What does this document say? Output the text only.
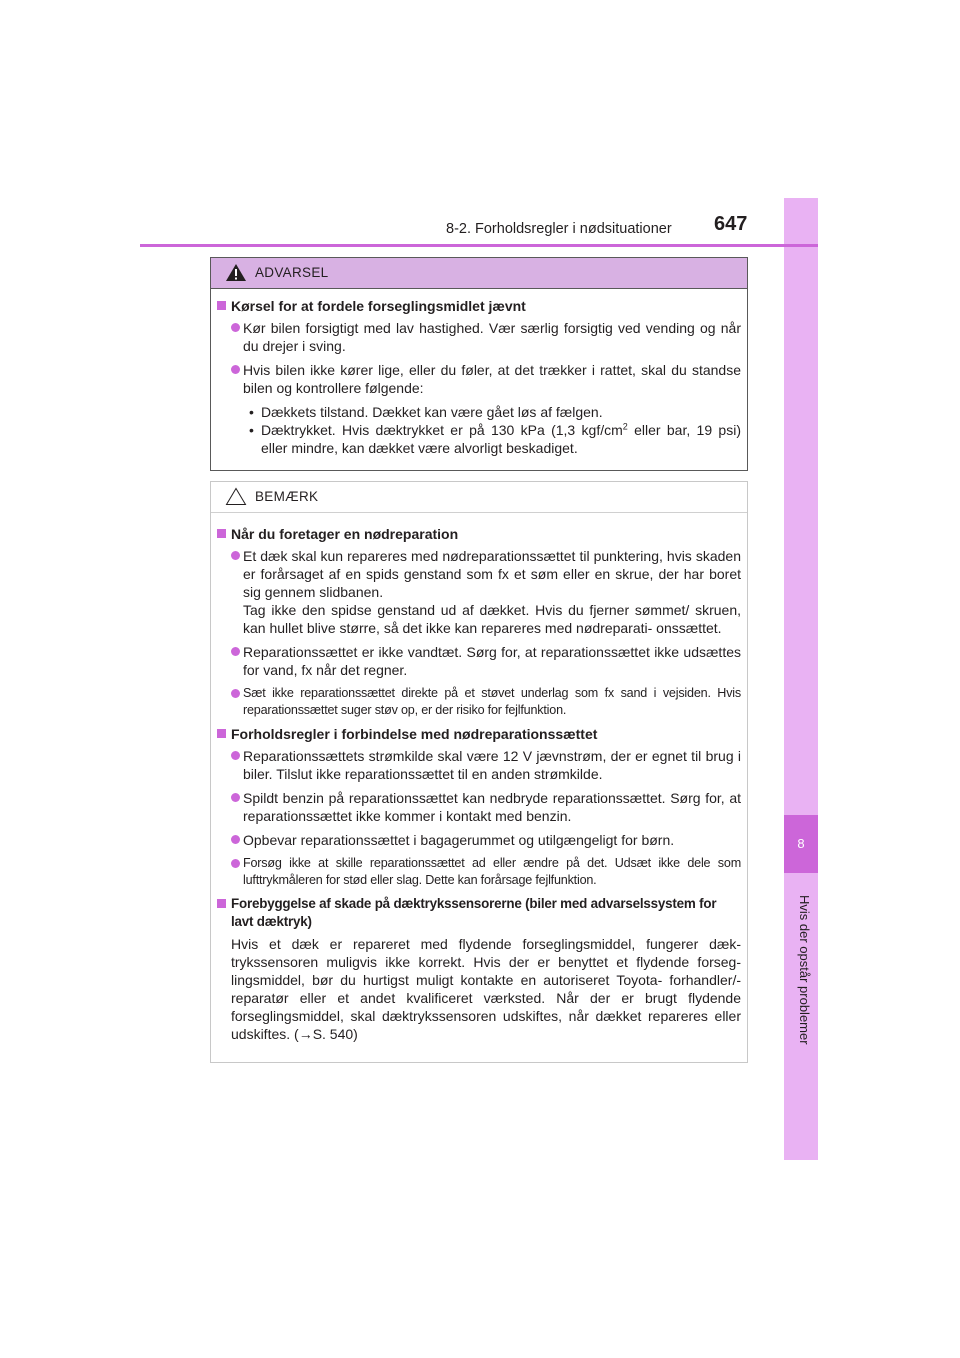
8
Hvis der opstår problemer
8-2. Forholdsregler i nødsituationer 647
ADVARSEL
Kørsel for at fordele forseglingsmidlet jævnt
Kør bilen forsigtigt med lav hastighed. Vær særlig forsigtig ved vending og når du drejer i sving.
Hvis bilen ikke kører lige, eller du føler, at det trækker i rattet, skal du standse bilen og kontrollere følgende:
• Dækkets tilstand. Dækket kan være gået løs af fælgen.
• Dæktrykket. Hvis dæktrykket er på 130 kPa (1,3 kgf/$cm^2$ eller bar, 19 psi) eller mindre, kan dækket være alvorligt beskadiget.
BEMÆRK
Når du foretager en nødreparation
Et dæk skal kun repareres med nødreparationssættet til punktering, hvis skaden er forårsaget af en spids genstand som fx et søm eller en skrue, der har boret sig gennem slidbanen.
Tag ikke den spidse genstand ud af dækket. Hvis du fjerner sømmet/ skruen, kan hullet blive større, så det ikke kan repareres med nødreparati- onssættet.
Reparationssættet er ikke vandtæt. Sørg for, at reparationssættet ikke udsættes for vand, fx når det regner.
Sæt ikke reparationssættet direkte på et støvet underlag som fx sand i vejsiden. Hvis reparationssættet suger støv op, er der risiko for fejlfunktion.
Forholdsregler i forbindelse med nødreparationssættet
Reparationssættets strømkilde skal være 12 V jævnstrøm, der er egnet til brug i biler. Tilslut ikke reparationssættet til en anden strømkilde.
Spildt benzin på reparationssættet kan nedbryde reparationssættet. Sørg for, at reparationssættet ikke kommer i kontakt med benzin.
Opbevar reparationssættet i bagagerummet og utilgængeligt for børn.
Forsøg ikke at skille reparationssættet ad eller ændre på det. Udsæt ikke dele som lufttrykmåleren for stød eller slag. Dette kan forårsage fejlfunktion.
Forebyggelse af skade på dæktrykssensorerne (biler med advarselssystem for lavt dæktryk)
Hvis et dæk er repareret med flydende forseglingsmiddel, fungerer dæk- trykssensoren muligvis ikke korrekt. Hvis der er benyttet et flydende forseg- lingsmiddel, bør du hurtigst muligt kontakte en autoriseret Toyota- forhandler/-reparatør eller et andet kvalificeret værksted. Når der er brugt flydende forseglingsmiddel, skal dæktrykssensoren udskiftes, når dækket repareres eller udskiftes. (→S. 540)
